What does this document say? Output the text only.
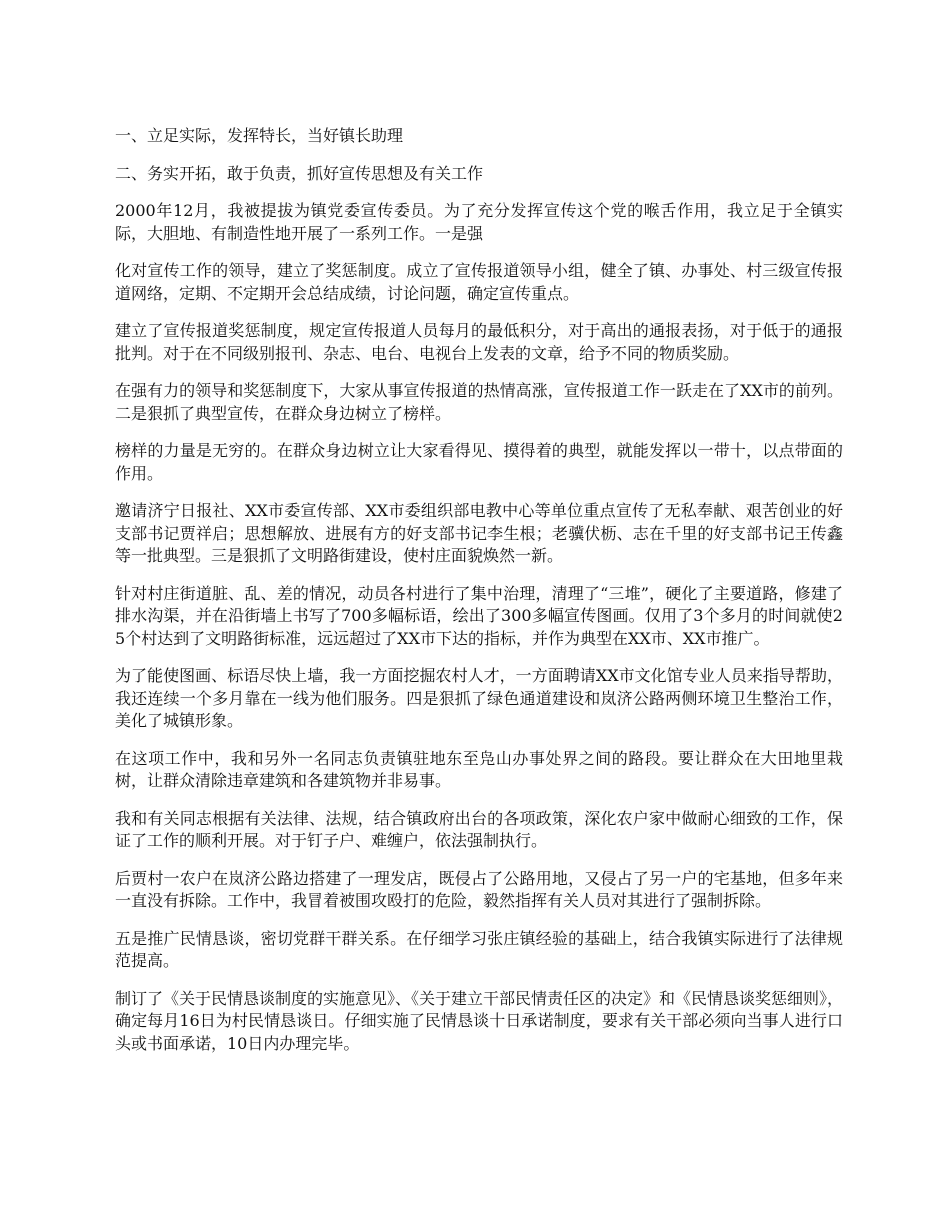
一、立足实际，发挥特长，当好镇长助理

二、务实开拓，敢于负责，抓好宣传思想及有关工作

2000年12月，我被提拔为镇党委宣传委员。为了充分发挥宣传这个党的喉舌作用，我立足于全镇实际，大胆地、有制造性地开展了一系列工作。一是强

化对宣传工作的领导，建立了奖惩制度。成立了宣传报道领导小组，健全了镇、办事处、村三级宣传报道网络，定期、不定期开会总结成绩，讨论问题，确定宣传重点。

建立了宣传报道奖惩制度，规定宣传报道人员每月的最低积分，对于高出的通报表扬，对于低于的通报批判。对于在不同级别报刊、杂志、电台、电视台上发表的文章，给予不同的物质奖励。

在强有力的领导和奖惩制度下，大家从事宣传报道的热情高涨，宣传报道工作一跃走在了XX市的前列。二是狠抓了典型宣传，在群众身边树立了榜样。

榜样的力量是无穷的。在群众身边树立让大家看得见、摸得着的典型，就能发挥以一带十，以点带面的作用。

邀请济宁日报社、XX市委宣传部、XX市委组织部电教中心等单位重点宣传了无私奉献、艰苦创业的好支部书记贾祥启；思想解放、进展有方的好支部书记李生根；老骥伏枥、志在千里的好支部书记王传鑫等一批典型。三是狠抓了文明路街建设，使村庄面貌焕然一新。

针对村庄街道脏、乱、差的情况，动员各村进行了集中治理，清理了“三堆”，硬化了主要道路，修建了排水沟渠，并在沿街墙上书写了700多幅标语，绘出了300多幅宣传图画。仅用了3个多月的时间就使25个村达到了文明路街标准，远远超过了XX市下达的指标，并作为典型在XX市、XX市推广。

为了能使图画、标语尽快上墙，我一方面挖掘农村人才，一方面聘请XX市文化馆专业人员来指导帮助，我还连续一个多月靠在一线为他们服务。四是狠抓了绿色通道建设和岚济公路两侧环境卫生整治工作，美化了城镇形象。

在这项工作中，我和另外一名同志负责镇驻地东至凫山办事处界之间的路段。要让群众在大田地里栽树，让群众清除违章建筑和各建筑物并非易事。

我和有关同志根据有关法律、法规，结合镇政府出台的各项政策，深化农户家中做耐心细致的工作，保证了工作的顺利开展。对于钉子户、难缠户，依法强制执行。

后贾村一农户在岚济公路边搭建了一理发店，既侵占了公路用地，又侵占了另一户的宅基地，但多年来一直没有拆除。工作中，我冒着被围攻殴打的危险，毅然指挥有关人员对其进行了强制拆除。

五是推广民情恳谈，密切党群干群关系。在仔细学习张庄镇经验的基础上，结合我镇实际进行了法律规范提高。

制订了《关于民情恳谈制度的实施意见》、《关于建立干部民情责任区的决定》和《民情恳谈奖惩细则》，确定每月16日为村民情恳谈日。仔细实施了民情恳谈十日承诺制度，要求有关干部必须向当事人进行口头或书面承诺，10日内办理完毕。
